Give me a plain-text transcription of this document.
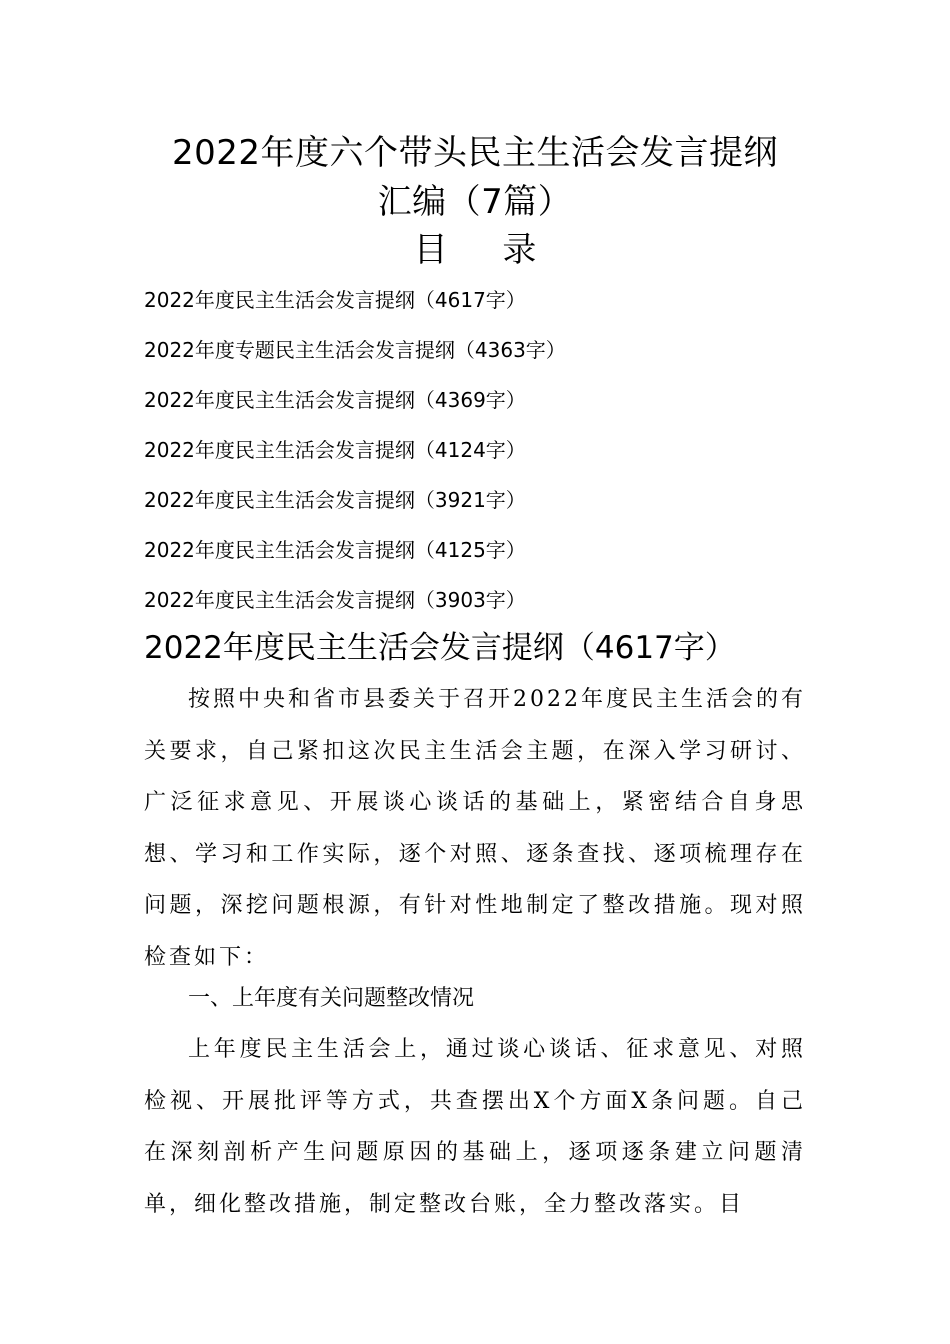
2022年度六个带头民主生活会发言提纲
汇编（7篇）
目 录
2022年度民主生活会发言提纲（4617字）
2022年度专题民主生活会发言提纲（4363字）
2022年度民主生活会发言提纲（4369字）
2022年度民主生活会发言提纲（4124字）
2022年度民主生活会发言提纲（3921字）
2022年度民主生活会发言提纲（4125字）
2022年度民主生活会发言提纲（3903字）
2022年度民主生活会发言提纲（4617字）

按照中央和省市县委关于召开2022年度民主生活会的有关要求，自己紧扣这次民主生活会主题，在深入学习研讨、广泛征求意见、开展谈心谈话的基础上，紧密结合自身思想、学习和工作实际，逐个对照、逐条查找、逐项梳理存在问题，深挖问题根源，有针对性地制定了整改措施。现对照检查如下：

一、上年度有关问题整改情况

上年度民主生活会上，通过谈心谈话、征求意见、对照检视、开展批评等方式，共查摆出X个方面X条问题。自己在深刻剖析产生问题原因的基础上，逐项逐条建立问题清单，细化整改措施，制定整改台账，全力整改落实。目
